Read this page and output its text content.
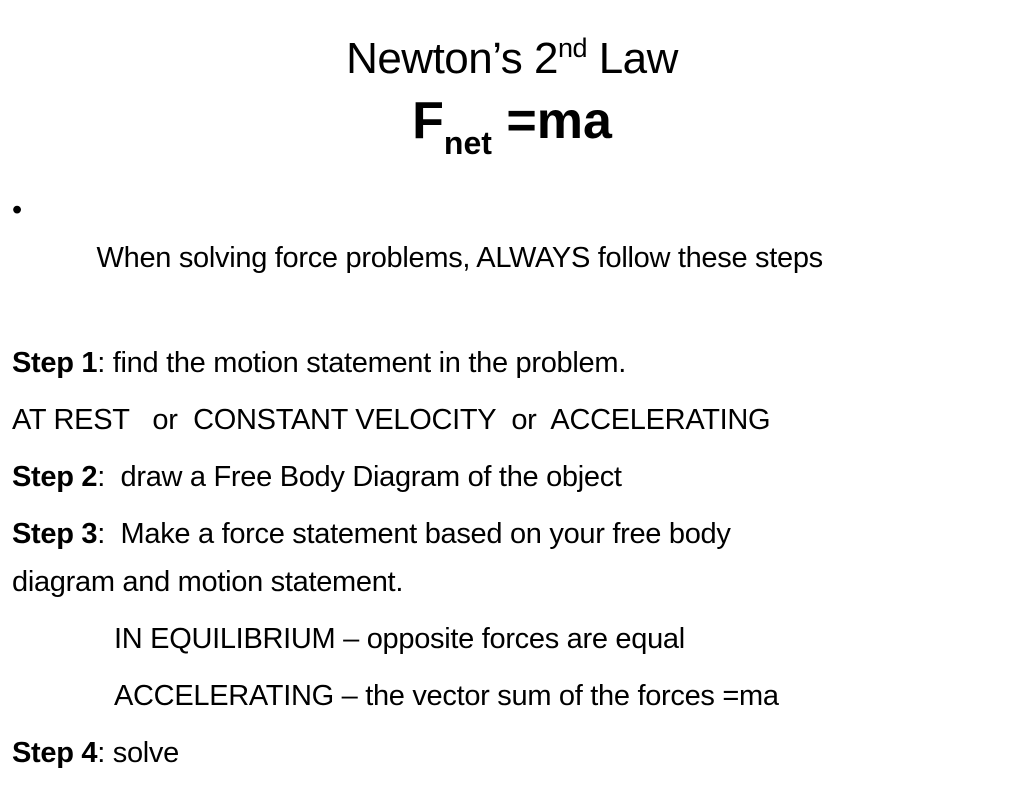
Newton’s 2nd Law
$F_{net} =ma$

•
When solving force problems, ALWAYS follow these steps

Step 1: find the motion statement in the problem.
AT REST   or  CONSTANT VELOCITY  or  ACCELERATING
Step 2:  draw a Free Body Diagram of the object
Step 3:  Make a force statement based on your free body
diagram and motion statement.
IN EQUILIBRIUM – opposite forces are equal
ACCELERATING – the vector sum of the forces =ma
Step 4: solve
